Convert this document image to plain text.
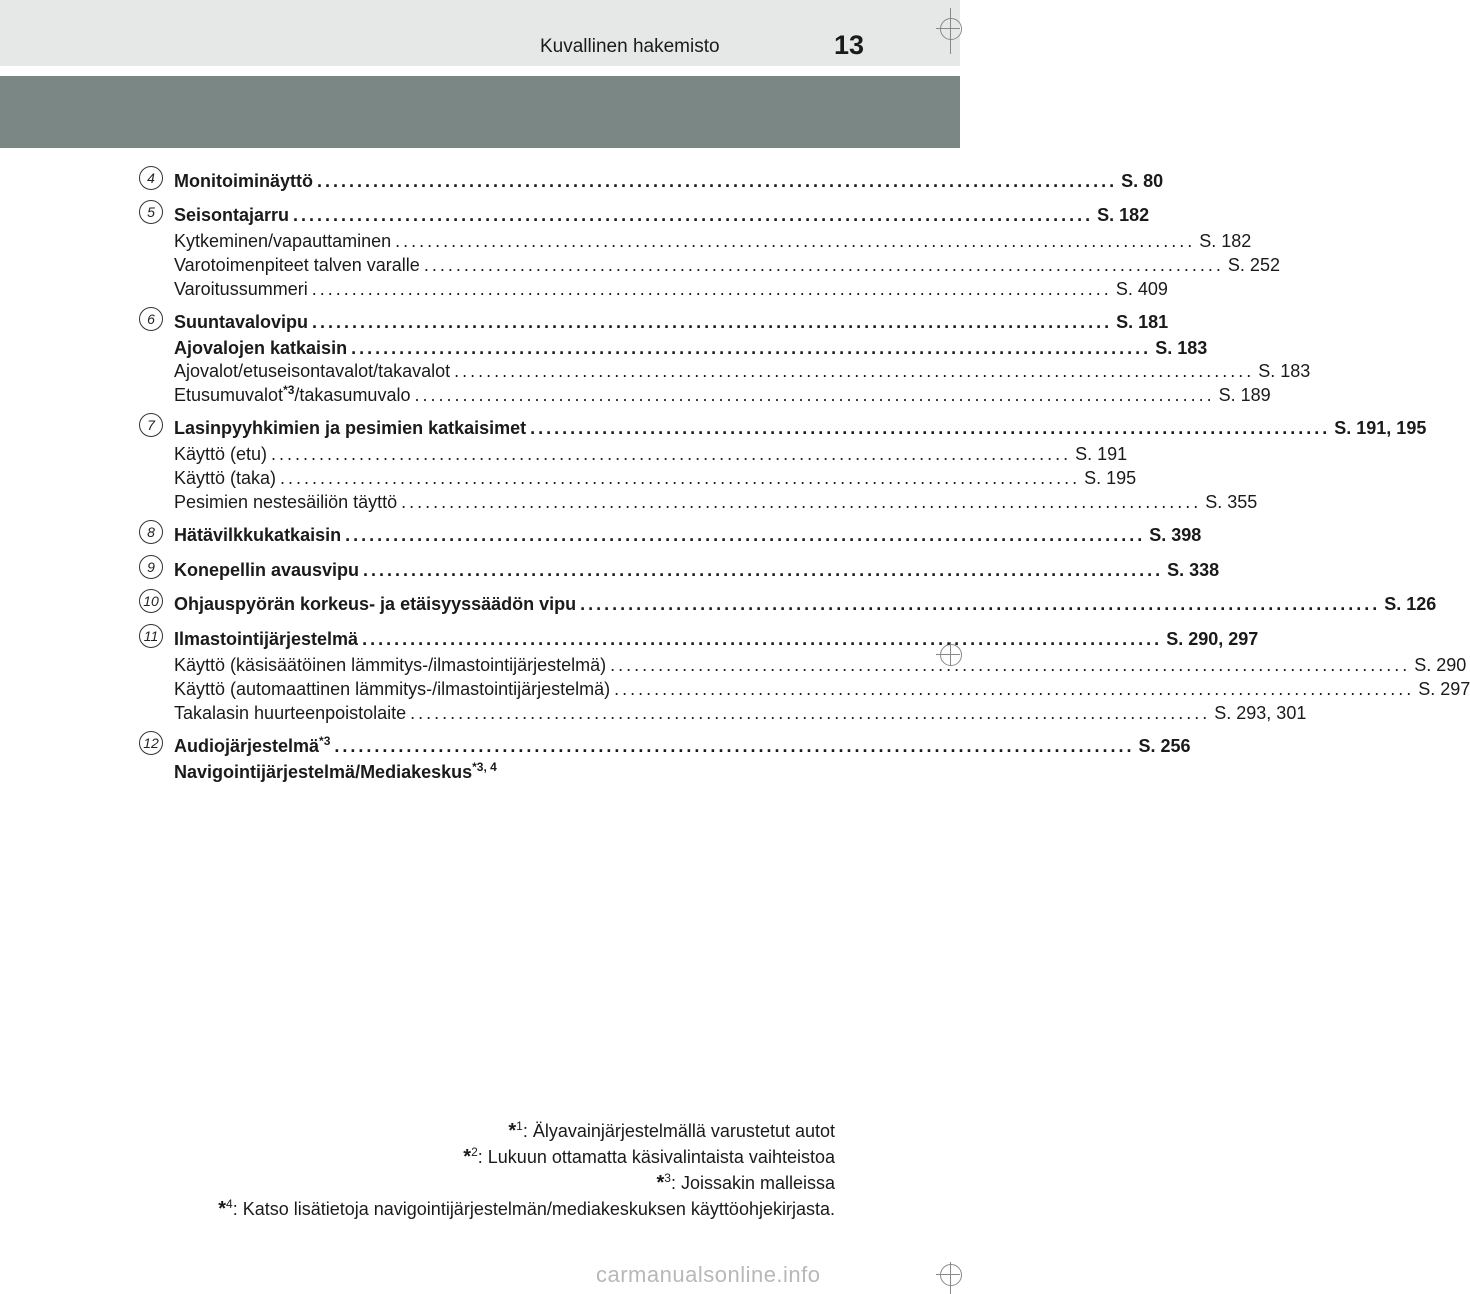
Kuvallinen hakemisto	13
4
5
6
7
8
9
10
11
12
Monitoiminäyttö .................................................................................................... S. 80
Seisontajarru .................................................................................................... S. 182
Kytkeminen/vapauttaminen .................................................................................................... S. 182
Varotoimenpiteet talven varalle .................................................................................................... S. 252
Varoitussummeri .................................................................................................... S. 409
Suuntavalovipu .................................................................................................... S. 181
Ajovalojen katkaisin .................................................................................................... S. 183
Ajovalot/etuseisontavalot/takavalot .................................................................................................... S. 183
Etusumuvalot$^{*3}$/takasumuvalo .................................................................................................... S. 189
Lasinpyyhkimien ja pesimien katkaisimet .................................................................................................... S. 191, 195
Käyttö (etu) .................................................................................................... S. 191
Käyttö (taka) .................................................................................................... S. 195
Pesimien nestesäiliön täyttö .................................................................................................... S. 355
Hätävilkkukatkaisin .................................................................................................... S. 398
Konepellin avausvipu .................................................................................................... S. 338
Ohjauspyörän korkeus- ja etäisyyssäädön vipu .................................................................................................... S. 126
Ilmastointijärjestelmä .................................................................................................... S. 290, 297
Käyttö (käsisäätöinen lämmitys-/ilmastointijärjestelmä) .................................................................................................... S. 290
Käyttö (automaattinen lämmitys-/ilmastointijärjestelmä) .................................................................................................... S. 297
Takalasin huurteenpoistolaite .................................................................................................... S. 293, 301
Audiojärjestelmä$^{*3}$ .................................................................................................... S. 256
Navigointijärjestelmä/Mediakeskus$^{*3, 4}$
*$^1$: Älyavainjärjestelmällä varustetut autot
*$^2$: Lukuun ottamatta käsivalintaista vaihteistoa
*$^3$: Joissakin malleissa
*$^4$: Katso lisätietoja navigointijärjestelmän/mediakeskuksen käyttöohjekirjasta.
carmanualsonline.info
